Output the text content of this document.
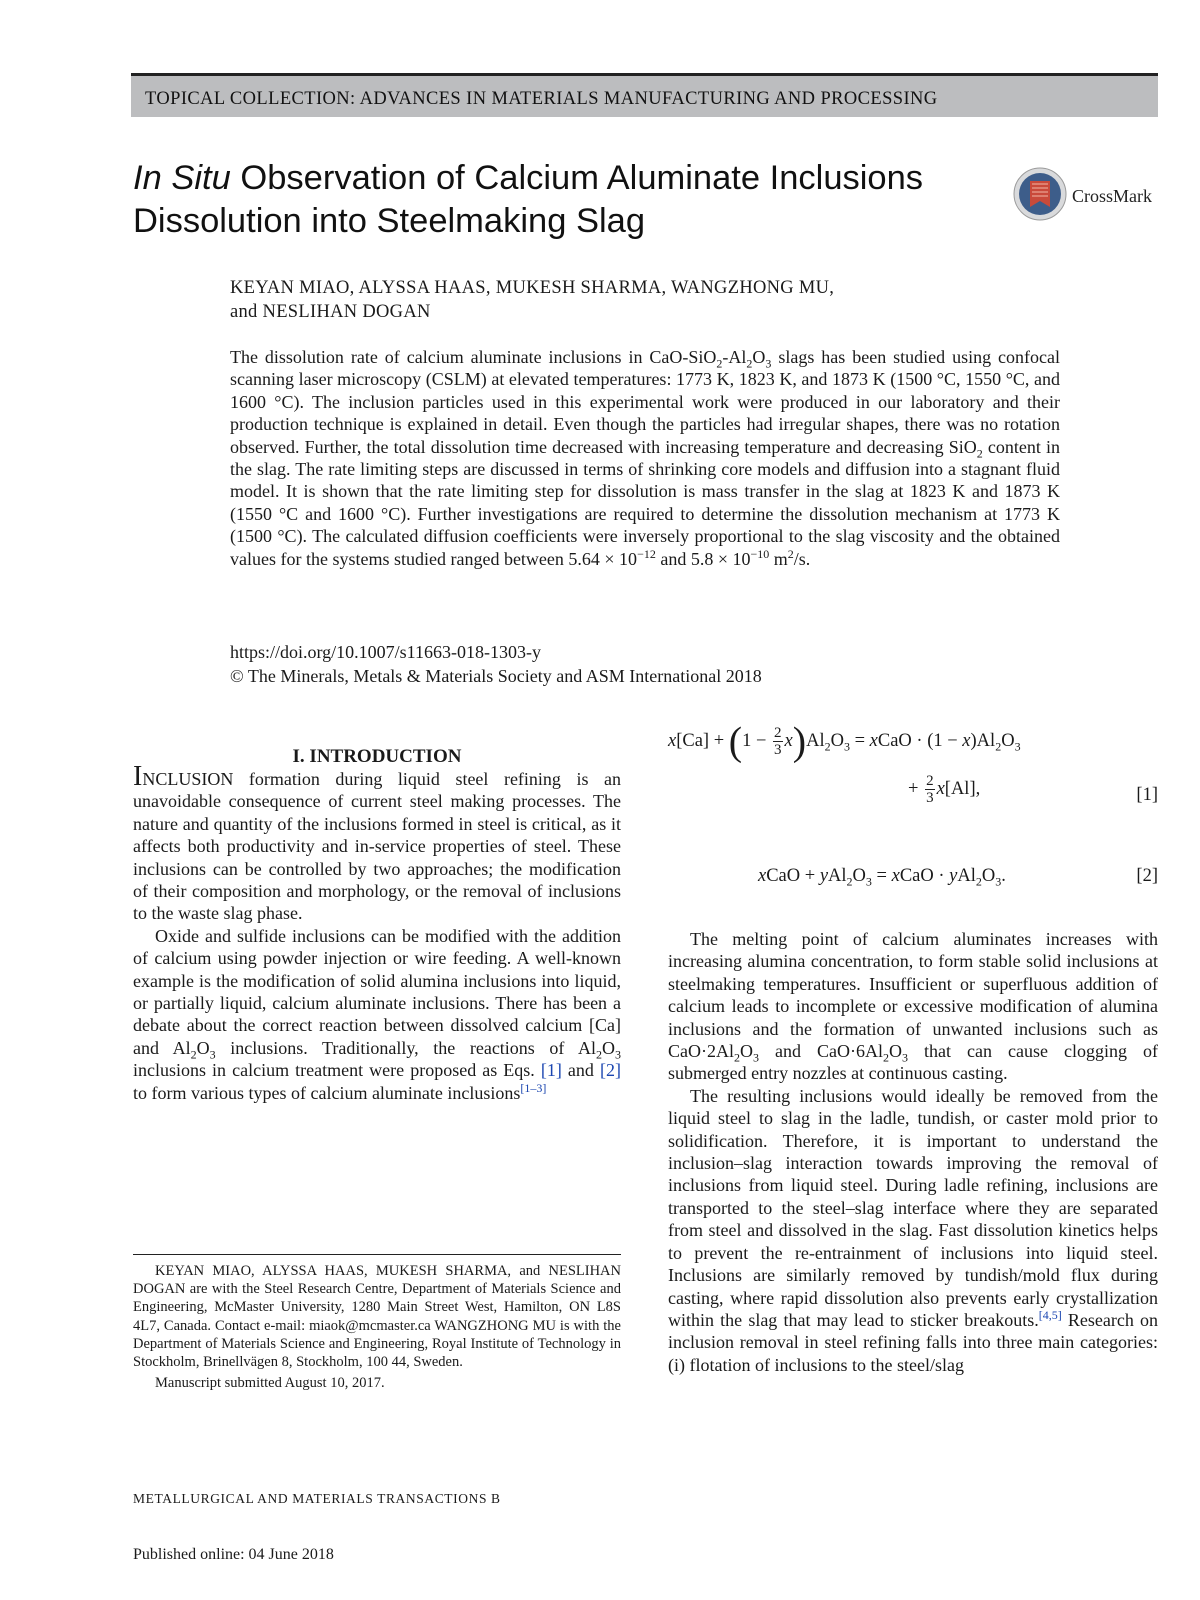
TOPICAL COLLECTION: ADVANCES IN MATERIALS MANUFACTURING AND PROCESSING
In Situ Observation of Calcium Aluminate Inclusions
Dissolution into Steelmaking Slag
CrossMark
KEYAN MIAO, ALYSSA HAAS, MUKESH SHARMA, WANGZHONG MU,
and NESLIHAN DOGAN

The dissolution rate of calcium aluminate inclusions in CaO-$SiO_2-Al_2O_3$ slags has been studied using confocal scanning laser microscopy (CSLM) at elevated temperatures: 1773 K, 1823 K, and 1873 K (1500 °C, 1550 °C, and 1600 °C). The inclusion particles used in this experimental work were produced in our laboratory and their production technique is explained in detail. Even though the particles had irregular shapes, there was no rotation observed. Further, the total dissolution time decreased with increasing temperature and decreasing SiO$_2$ content in the slag. The rate limiting steps are discussed in terms of shrinking core models and diffusion into a stagnant fluid model. It is shown that the rate limiting step for dissolution is mass transfer in the slag at 1823 K and 1873 K (1550 °C and 1600 °C). Further investigations are required to determine the dissolution mechanism at 1773 K (1500 °C). The calculated diffusion coefficients were inversely proportional to the slag viscosity and the obtained values for the systems studied ranged between $5.64 \times 10^{-12}$ and $5.8 \times 10^{-10}$ $m^2/s$.

https://doi.org/10.1007/s11663-018-1303-y
© The Minerals, Metals & Materials Society and ASM International 2018
I. INTRODUCTION

INCLUSION formation during liquid steel refining is an unavoidable consequence of current steel making processes. The nature and quantity of the inclusions formed in steel is critical, as it affects both productivity and in-service properties of steel. These inclusions can be controlled by two approaches; the modification of their composition and morphology, or the removal of inclusions to the waste slag phase.

Oxide and sulfide inclusions can be modified with the addition of calcium using powder injection or wire feeding. A well-known example is the modification of solid alumina inclusions into liquid, or partially liquid, calcium aluminate inclusions. There has been a debate about the correct reaction between dissolved calcium [Ca] and $Al_2O_3$ inclusions. Traditionally, the reactions of $Al_2O_3$ inclusions in calcium treatment were proposed as Eqs. [1] and [2] to form various types of calcium aluminate inclusions[1–3]

KEYAN MIAO, ALYSSA HAAS, MUKESH SHARMA, and NESLIHAN DOGAN are with the Steel Research Centre, Department of Materials Science and Engineering, McMaster University, 1280 Main Street West, Hamilton, ON L8S 4L7, Canada. Contact e-mail: miaok@mcmaster.ca WANGZHONG MU is with the Department of Materials Science and Engineering, Royal Institute of Technology in Stockholm, Brinellvägen 8, Stockholm, 100 44, Sweden.

Manuscript submitted August 10, 2017.

$x[Ca] + (1 - \frac{2}{3} x)Al_2O_3$ = xCaO · $(1 - x)Al_2O_3$
+ $\frac{2}{3} x[Al]$,	[1]
xCaO + $yAl_2O_3$ = xCaO · $yAl_2O_3$.	[2]

The melting point of calcium aluminates increases with increasing alumina concentration, to form stable solid inclusions at steelmaking temperatures. Insufficient or superfluous addition of calcium leads to incomplete or excessive modification of alumina inclusions and the formation of unwanted inclusions such as $CaO\cdot 2Al_2O_3$ and $CaO\cdot 6Al_2O_3$ that can cause clogging of submerged entry nozzles at continuous casting.

The resulting inclusions would ideally be removed from the liquid steel to slag in the ladle, tundish, or caster mold prior to solidification. Therefore, it is important to understand the inclusion–slag interaction towards improving the removal of inclusions from liquid steel. During ladle refining, inclusions are transported to the steel–slag interface where they are separated from steel and dissolved in the slag. Fast dissolution kinetics helps to prevent the re-entrainment of inclusions into liquid steel. Inclusions are similarly removed by tundish/mold flux during casting, where rapid dissolution also prevents early crystallization within the slag that may lead to sticker breakouts.[4,5] Research on inclusion removal in steel refining falls into three main categories: (i) flotation of inclusions to the steel/slag

METALLURGICAL AND MATERIALS TRANSACTIONS B
Published online: 04 June 2018
